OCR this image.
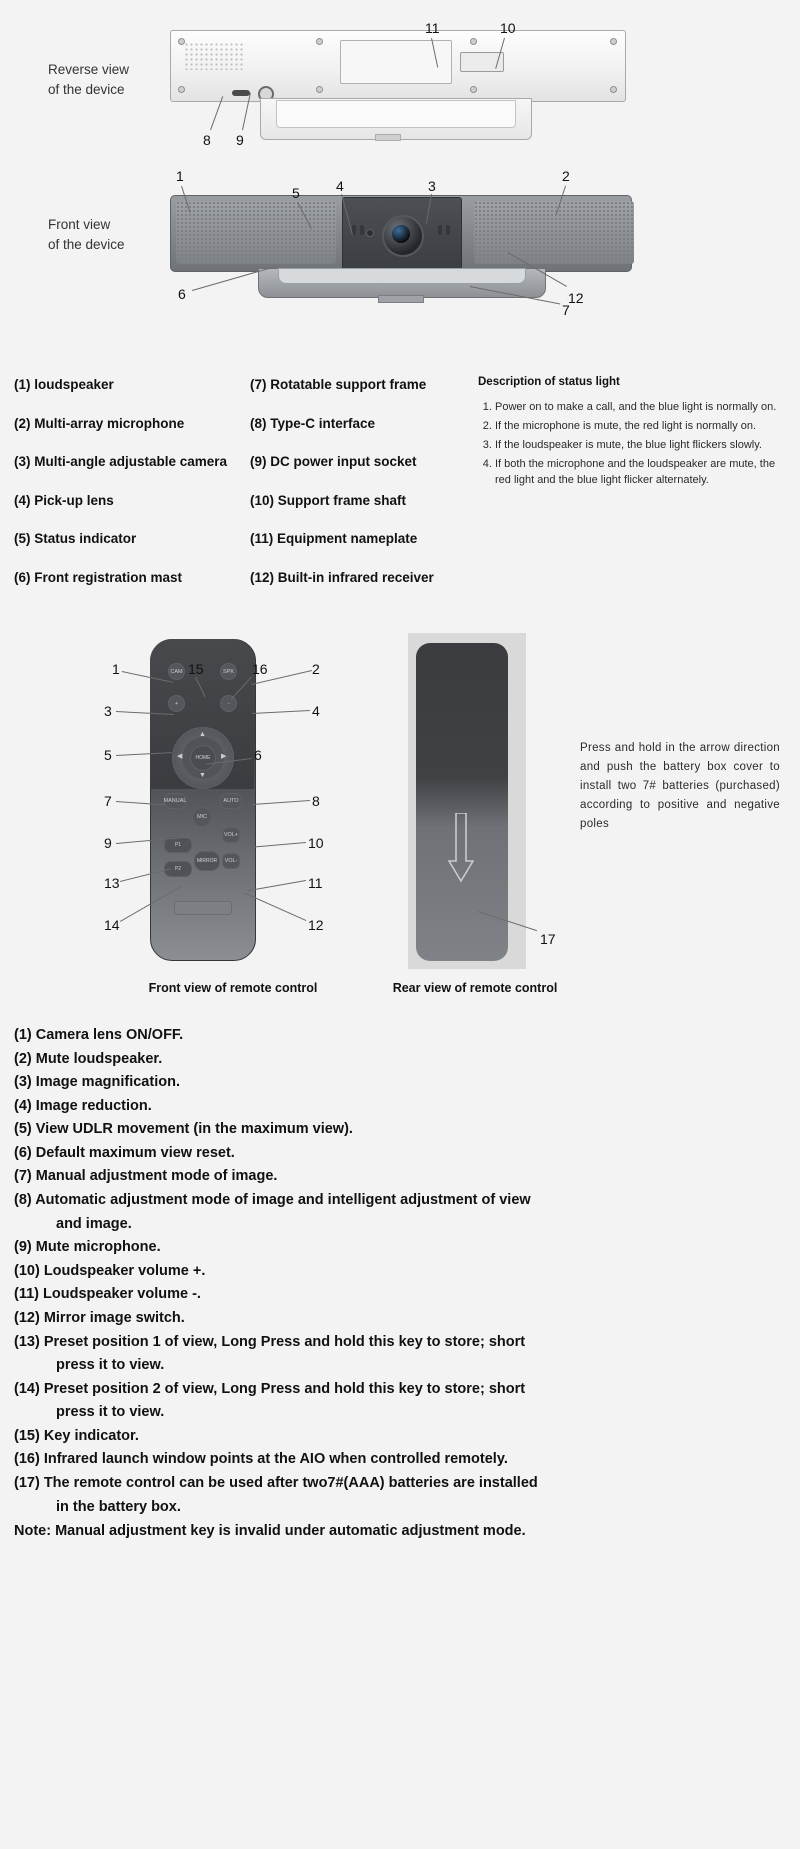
Reverse view
of the device
Front view
of the device
11	10
8 9
1
5	4	3
2
6
7
12

(1) loudspeaker

(2) Multi-array microphone

(3) Multi-angle adjustable camera

(4) Pick-up lens

(5) Status indicator

(6) Front registration mast

(7) Rotatable support frame

(8) Type-C interface

(9) DC power input socket

(10) Support frame shaft

(11) Equipment nameplate

(12) Built-in infrared receiver

Description of status light
1. Power on to make a call, and the blue light is normally on.
2. If the microphone is mute, the red light is normally on.
3. If the loudspeaker is mute, the blue light flickers slowly.
4. If both the microphone and the loudspeaker are mute, the red light and the blue light flicker alternately.
CAM	SPK
+	-
HOME
▲
▼
◀	▶
MANUAL	AUTO
MIC
VOL+
VOL-
P1
P2
MIRROR
1	15	16	2
3	4
5	6
7	8
9	10
13	11
14	12
17
Press and hold in the arrow direction and push the battery box cover to install two 7# batteries (purchased) according to positive and negative poles
Front view of remote control	Rear view of remote control

(1) Camera lens ON/OFF.

(2) Mute loudspeaker.

(3) Image magnification.

(4) Image reduction.

(5) View UDLR movement (in the maximum view).

(6) Default maximum view reset.

(7) Manual adjustment mode of image.

(8) Automatic adjustment mode of image and intelligent adjustment of view

and image.

(9) Mute microphone.

(10) Loudspeaker volume +.

(11) Loudspeaker volume -.

(12) Mirror image switch.

(13) Preset position 1 of view, Long Press and hold this key to store; short

press it to view.

(14) Preset position 2 of view, Long Press and hold this key to store; short

press it to view.

(15) Key indicator.

(16) Infrared launch window points at the AIO when controlled remotely.

(17) The remote control can be used after two7#(AAA) batteries are installed

in the battery box.

Note: Manual adjustment key is invalid under automatic adjustment mode.
